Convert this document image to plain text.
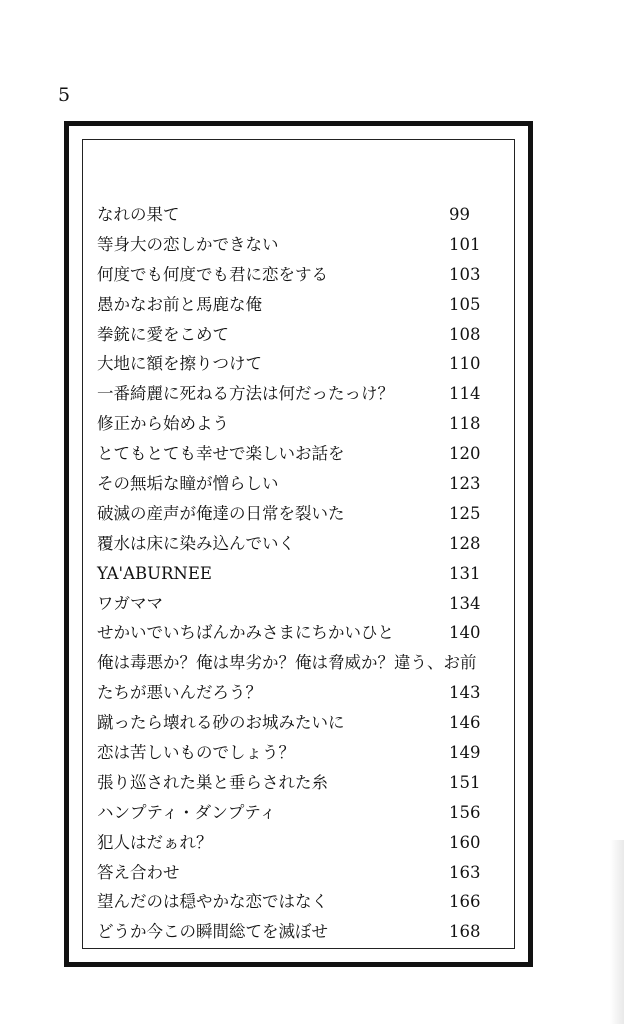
5
なれの果て	99
等身大の恋しかできない	101
何度でも何度でも君に恋をする	103
愚かなお前と馬鹿な俺	105
拳銃に愛をこめて	108
大地に額を擦りつけて	110
一番綺麗に死ねる方法は何だったっけ？	114
修正から始めよう	118
とてもとても幸せで楽しいお話を	120
その無垢な瞳が憎らしい	123
破滅の産声が俺達の日常を裂いた	125
覆水は床に染み込んでいく	128
YA'ABURNEE	131
ワガママ	134
せかいでいちばんかみさまにちかいひと	140
俺は毒悪か？俺は卑劣か？俺は脅威か？違う、お前
たちが悪いんだろう？	143
蹴ったら壊れる砂のお城みたいに	146
恋は苦しいものでしょう？	149
張り巡された巣と垂らされた糸	151
ハンプティ・ダンプティ	156
犯人はだぁれ？	160
答え合わせ	163
望んだのは穏やかな恋ではなく	166
どうか今この瞬間総てを滅ぼせ	168
